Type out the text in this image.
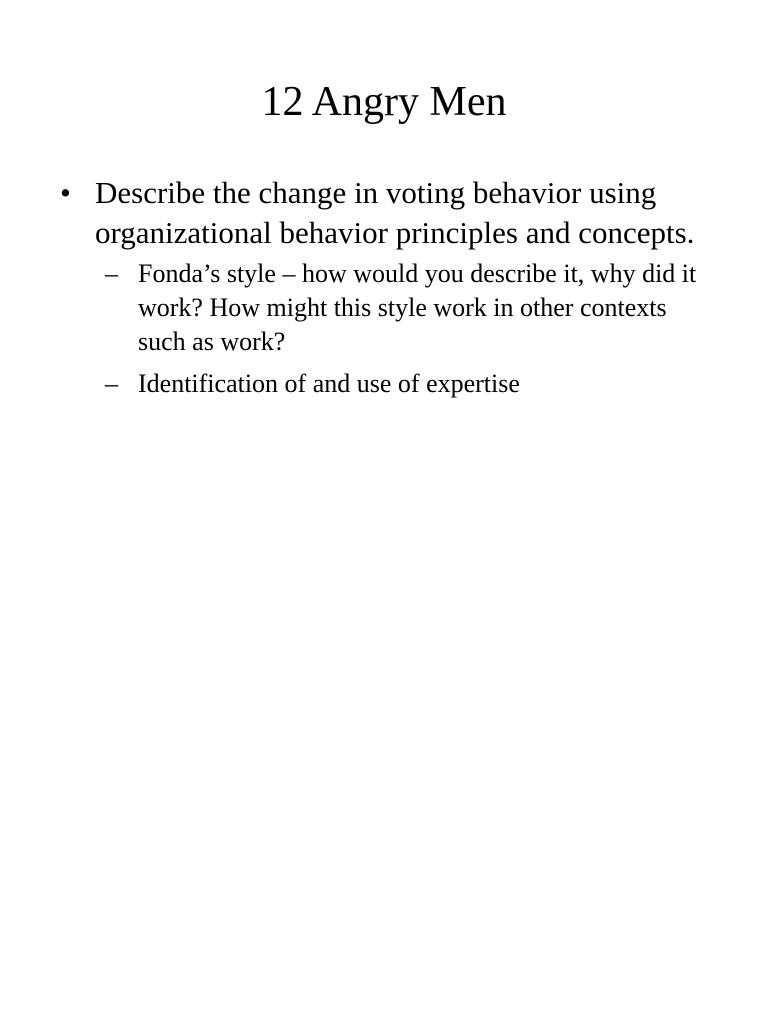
12 Angry Men
• Describe the change in voting behavior using organizational behavior principles and concepts.
– Fonda’s style – how would you describe it, why did it work? How might this style work in other contexts such as work?
– Identification of and use of expertise
